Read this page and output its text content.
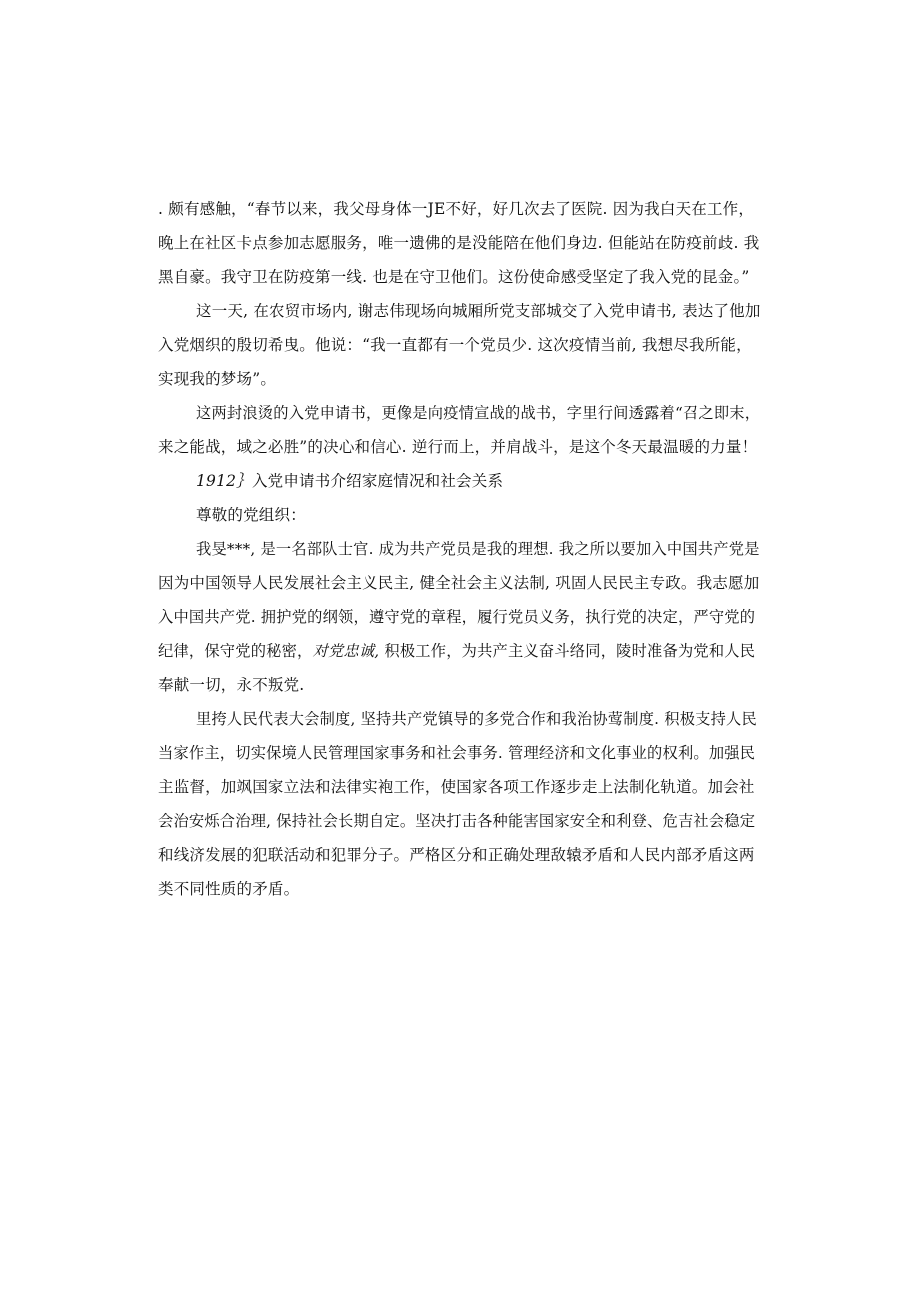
. 颇有感触，“春节以来，我父母身体一JE不好，好几次去了医院. 因为我白天在工作，

晚上在社区卡点参加志愿服务，唯一遗佛的是没能陪在他们身边. 但能站在防疫前歧. 我

黑自豪。我守卫在防疫第一线. 也是在守卫他们。这份使命感受坚定了我入党的昆金。”

这一天, 在农贸市场内, 谢志伟现场向城厢所党支部城交了入党申请书, 表达了他加

入党烟织的殷切希曳。他说：“我一直都有一个党员少. 这次疫情当前, 我想尽我所能，

实现我的梦场”。

这两封浪烫的入党申请书，更像是向疫情宣战的战书，字里行间透露着“召之即末，

来之能战，域之必胜”的决心和信心. 逆行而上，并肩战斗，是这个冬天最温暖的力量！

1912｝入党申请书介绍家庭情况和社会关系

尊敬的党组织：

我旻***, 是一名部队士官. 成为共产党员是我的理想. 我之所以要加入中国共产党是

因为中国领导人民发展社会主义民主, 健全社会主义法制, 巩固人民民主专政。我志愿加

入中国共产党. 拥护党的纲领，遵守党的章程，履行党员义务，执行党的决定，严守党的

纪律，保守党的秘密，对党忠诚, 积极工作，为共产主义奋斗络同，陵时准备为党和人民

奉献一切，永不叛党.

里挎人民代表大会制度, 坚持共产党镇导的多党合作和我治协莺制度. 积极支持人民

当家作主，切实保境人民管理国家事务和社会事务. 管理经济和文化事业的权利。加强民

主监督，加飒国家立法和法律实袍工作，使国家各项工作逐步走上法制化轨道。加会社

会治安烁合治理, 保持社会长期自定。坚决打击各种能害国家安全和利登、危吉社会稳定

和线济发展的犯联活动和犯罪分子。严格区分和正确处理敌辕矛盾和人民内部矛盾这两

类不同性质的矛盾。
